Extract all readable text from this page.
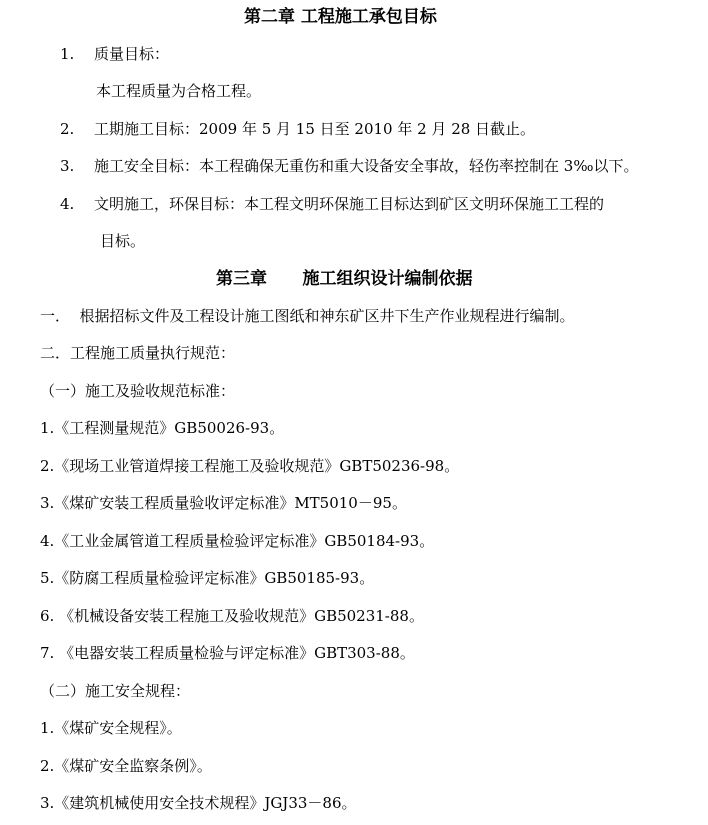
第二章 工程施工承包目标
1. 质量目标：
本工程质量为合格工程。
2. 工期施工目标：2009 年 5 月 15 日至 2010 年 2 月 28 日截止。
3. 施工安全目标：本工程确保无重伤和重大设备安全事故，轻伤率控制在 3‰以下。
4. 文明施工，环保目标：本工程文明环保施工目标达到矿区文明环保施工工程的
目标。
第三章      施工组织设计编制依据
一．  根据招标文件及工程设计施工图纸和神东矿区井下生产作业规程进行编制。
二．工程施工质量执行规范：
（一）施工及验收规范标准：
1.《工程测量规范》GB50026-93。
2.《现场工业管道焊接工程施工及验收规范》GBT50236-98。
3.《煤矿安装工程质量验收评定标准》MT5010－95。
4.《工业金属管道工程质量检验评定标准》GB50184-93。
5.《防腐工程质量检验评定标准》GB50185-93。
6. 《机械设备安装工程施工及验收规范》GB50231-88。
7. 《电器安装工程质量检验与评定标准》GBT303-88。
（二）施工安全规程：
1.《煤矿安全规程》。
2.《煤矿安全监察条例》。
3.《建筑机械使用安全技术规程》JGJ33－86。
